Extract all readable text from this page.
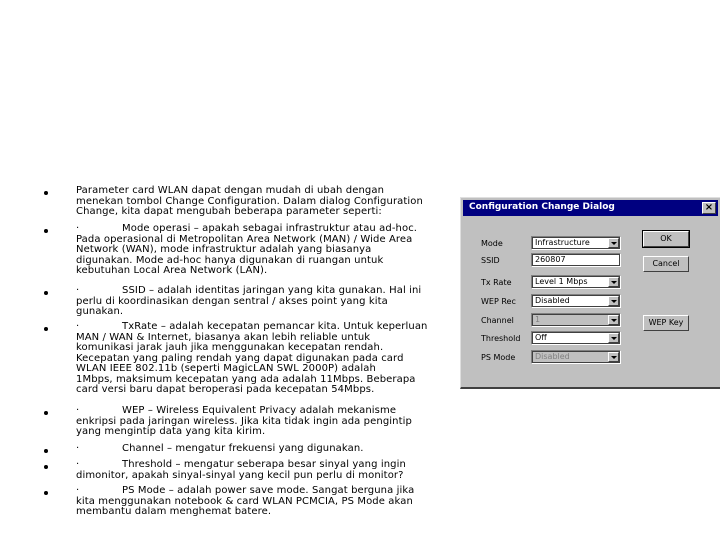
Parameter card WLAN dapat dengan mudah di ubah dengan
menekan tombol Change Configuration. Dalam dialog Configuration
Change, kita dapat mengubah beberapa parameter seperti:
·	Mode operasi – apakah sebagai infrastruktur atau ad-hoc.
Pada operasional di Metropolitan Area Network (MAN) / Wide Area
Network (WAN), mode infrastruktur adalah yang biasanya
digunakan. Mode ad-hoc hanya digunakan di ruangan untuk
kebutuhan Local Area Network (LAN).
·	SSID – adalah identitas jaringan yang kita gunakan. Hal ini
perlu di koordinasikan dengan sentral / akses point yang kita
gunakan.
·	TxRate – adalah kecepatan pemancar kita. Untuk keperluan
MAN / WAN & Internet, biasanya akan lebih reliable untuk
komunikasi jarak jauh jika menggunakan kecepatan rendah.
Kecepatan yang paling rendah yang dapat digunakan pada card
WLAN IEEE 802.11b (seperti MagicLAN SWL 2000P) adalah
1Mbps, maksimum kecepatan yang ada adalah 11Mbps. Beberapa
card versi baru dapat beroperasi pada kecepatan 54Mbps.
·	WEP – Wireless Equivalent Privacy adalah mekanisme
enkripsi pada jaringan wireless. Jika kita tidak ingin ada pengintip
yang mengintip data yang kita kirim.
·	Channel – mengatur frekuensi yang digunakan.
·	Threshold – mengatur seberapa besar sinyal yang ingin
dimonitor, apakah sinyal-sinyal yang kecil pun perlu di monitor?
·	PS Mode – adalah power save mode. Sangat berguna jika
kita menggunakan notebook & card WLAN PCMCIA, PS Mode akan
membantu dalam menghemat batere.
Configuration Change Dialog	×
Mode	Infrastructure
SSID	260807
Tx Rate	Level 1 Mbps
WEP Rec Disabled
Channel	1
Threshold Off
PS Mode Disabled
OK
Cancel
WEP Key
